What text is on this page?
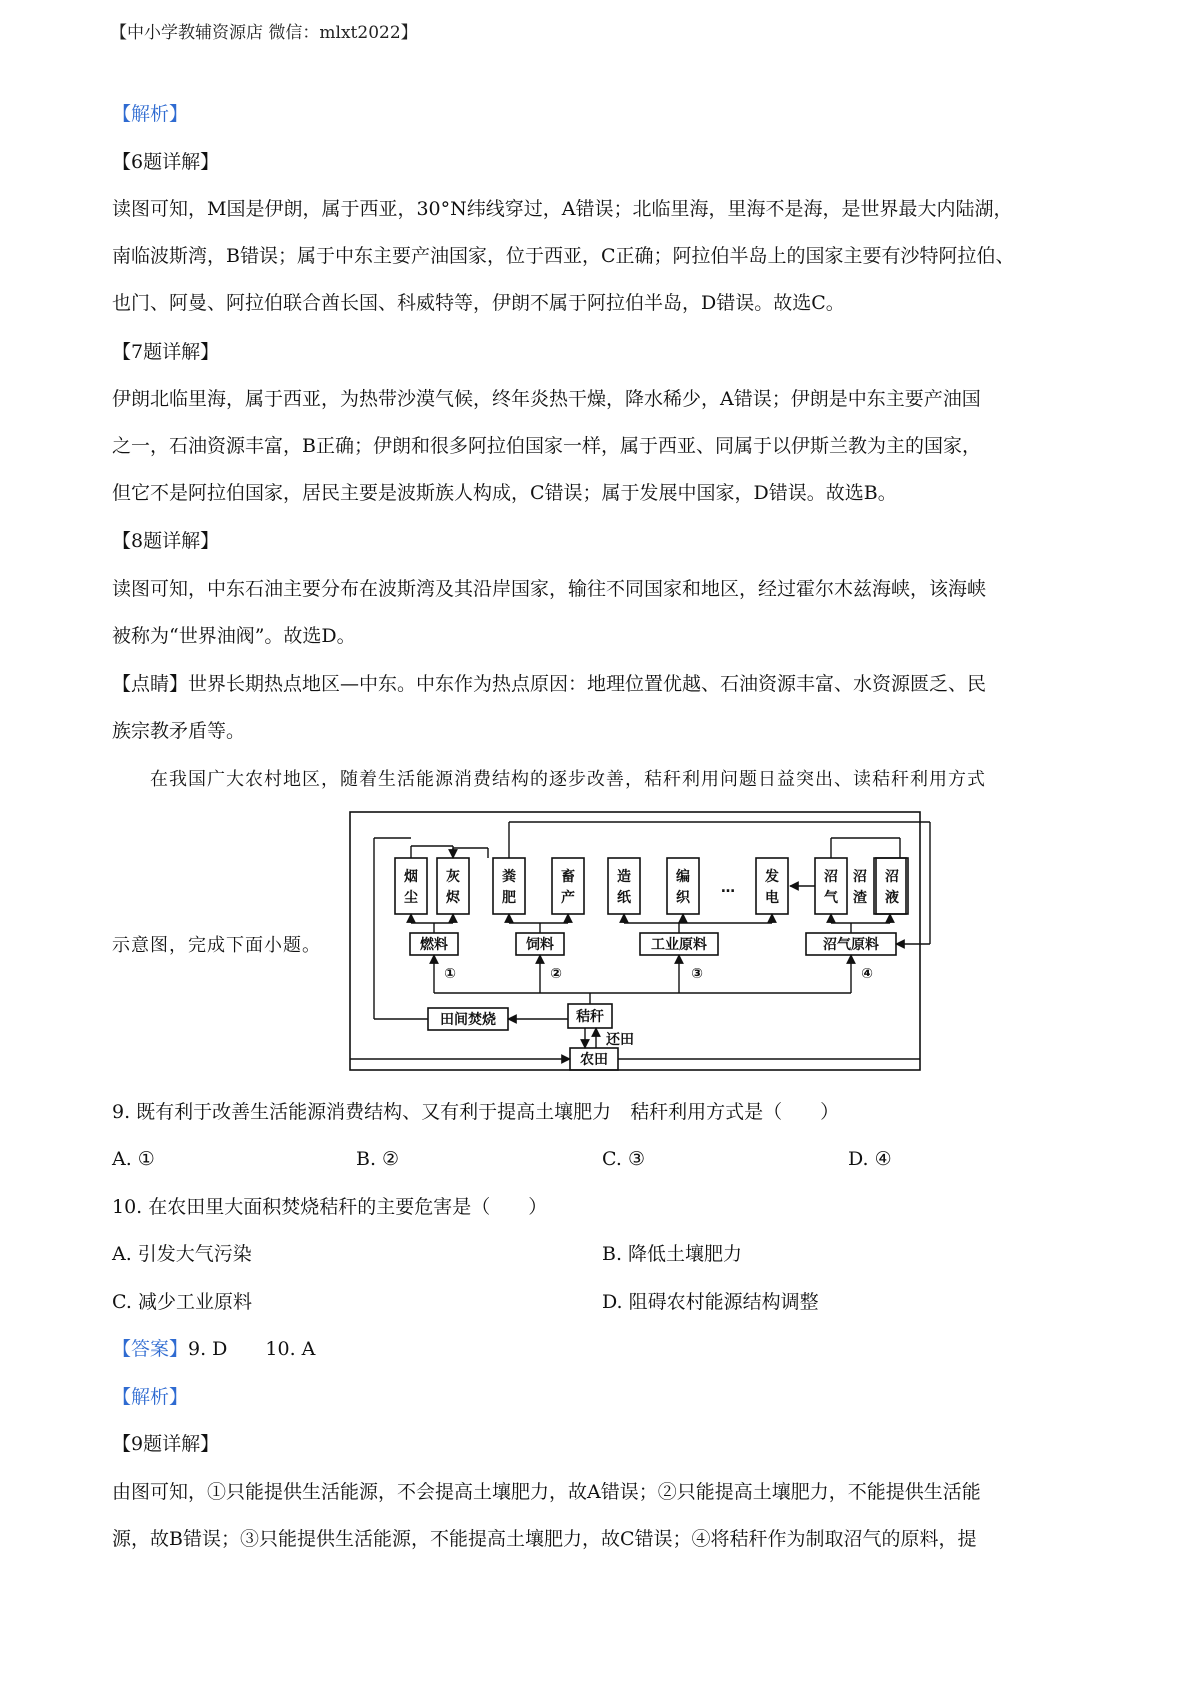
【中小学教辅资源店 微信：mlxt2022】
【解析】
【6题详解】
读图可知，M国是伊朗，属于西亚，30°N纬线穿过，A错误；北临里海，里海不是海，是世界最大内陆湖，
南临波斯湾，B错误；属于中东主要产油国家，位于西亚，C正确；阿拉伯半岛上的国家主要有沙特阿拉伯、
也门、阿曼、阿拉伯联合酋长国、科威特等，伊朗不属于阿拉伯半岛，D错误。故选C。
【7题详解】
伊朗北临里海，属于西亚，为热带沙漠气候，终年炎热干燥，降水稀少，A错误；伊朗是中东主要产油国
之一，石油资源丰富，B正确；伊朗和很多阿拉伯国家一样，属于西亚、同属于以伊斯兰教为主的国家，
但它不是阿拉伯国家，居民主要是波斯族人构成，C错误；属于发展中国家，D错误。故选B。
【8题详解】
读图可知，中东石油主要分布在波斯湾及其沿岸国家，输往不同国家和地区，经过霍尔木兹海峡，该海峡
被称为“世界油阀”。故选D。
【点睛】世界长期热点地区—中东。中东作为热点原因：地理位置优越、石油资源丰富、水资源匮乏、民
族宗教矛盾等。
在我国广大农村地区，随着生活能源消费结构的逐步改善，秸秆利用问题日益突出、读秸秆利用方式
示意图，完成下面小题。
烟
尘
灰
烬
粪
肥
畜
产
造
纸
编
织
…
发
电
沼
气
沼
渣
燃料	饲料	工业原料	沼气原料
①	②	③	④
田间焚烧	秸秆
还田
农田
沼
液
9. 既有利于改善生活能源消费结构、又有利于提高土壤肥力　秸秆利用方式是（　　）
A. ①	B. ②	C. ③	D. ④
10. 在农田里大面积焚烧秸秆的主要危害是（　　）
A. 引发大气污染	B. 降低土壤肥力
C. 减少工业原料	D. 阻碍农村能源结构调整
【答案】9. D　　10. A
【解析】
【9题详解】
由图可知，①只能提供生活能源，不会提高土壤肥力，故A错误；②只能提高土壤肥力，不能提供生活能
源，故B错误；③只能提供生活能源，不能提高土壤肥力，故C错误；④将秸秆作为制取沼气的原料，提
